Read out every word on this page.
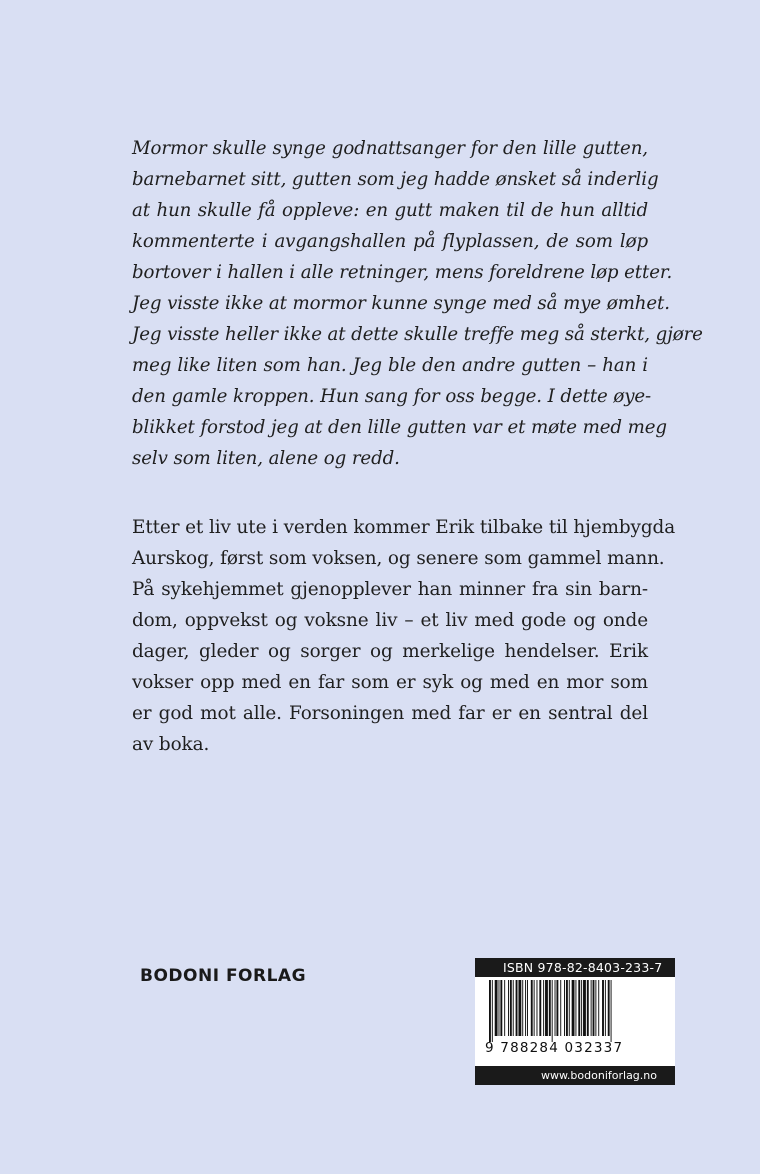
Mormor skulle synge godnattsanger for den lille gutten,
barnebarnet sitt, gutten som jeg hadde ønsket så inderlig
at hun skulle få oppleve: en gutt maken til de hun alltid
kommenterte i avgangshallen på flyplassen, de som løp
bortover i hallen i alle retninger, mens foreldrene løp etter.
Jeg visste ikke at mormor kunne synge med så mye ømhet.
Jeg visste heller ikke at dette skulle treffe meg så sterkt, gjøre
meg like liten som han. Jeg ble den andre gutten – han i
den gamle kroppen. Hun sang for oss begge. I dette øye-
blikket forstod jeg at den lille gutten var et møte med meg
selv som liten, alene og redd.
Etter et liv ute i verden kommer Erik tilbake til hjembygda
Aurskog, først som voksen, og senere som gammel mann.
På sykehjemmet gjenopplever han minner fra sin barn-
dom, oppvekst og voksne liv – et liv med gode og onde
dager, gleder og sorger og merkelige hendelser. Erik
vokser opp med en far som er syk og med en mor som
er god mot alle. Forsoningen med far er en sentral del
av boka.
BODONI FORLAG	ISBN 978-82-8403-233-7
9 788284 032337
www.bodoniforlag.no
